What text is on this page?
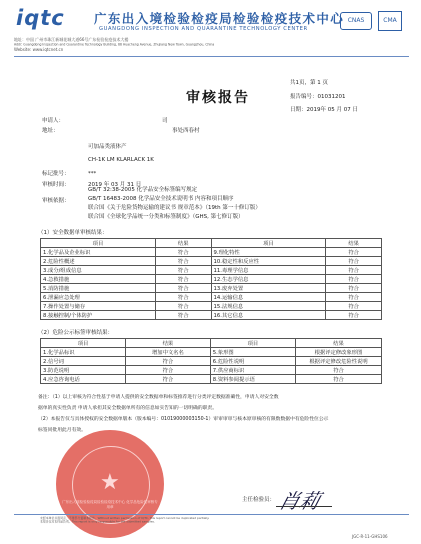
iqtc	广东出入境检验检疫局检验检疫技术中心
GUANGDONG INSPECTION AND QUARANTINE TECHNOLOGY CENTER
CNAS	CMA
地址：中国 广州市珠江新城花城大道66号广东检验检疫技术大楼
Addr: Guangdong Inspection and Quarantine Technology Building, 66 Huacheng Avenue, Zhujiang New Town, Guangzhou, China
Website: www.iqtcnet.cn
共1页，第 1 页
报告编号：01031201
日期：2019年 05 月 07 日
审核报告
申请人：	司
地址：	事处西春村
可加品类液体产
CH-1K LM KLARLACK 1K
标记批号：	***
审核时间：	2019 年 03 月 31 日
审核依据：
GB/T 32:38-2005 化学品安全标签编写规定
GB/T 16483-2008 化学品安全技术说明书 内容和项目顺序
联合国《关于危险货物运输的建议书 规章范本》（19th 第一十修订版）
联合国《全球化学品统一分类和标签制度》（GHS, 第七修订版）
（1）安全数据单审核结果：
项目	结果	项目	结果
1.化学品及企业标识	符合	9.理化特性	符合
2.危险性概述	符合	10.稳定性和反应性	符合
3.成分/组成信息	符合	11.毒理学信息	符合
4.急救措施	符合	12.生态学信息	符合
5.消防措施	符合	13.废弃处置	符合
6.泄漏应急处理	符合	14.运输信息	符合
7.操作处置与储存	符合	15.法规信息	符合
8.接触控制/个体防护	符合	16.其它信息	符合
（2）危险公示标签审核结果：
项目	结果	项目	结果
1.化学品标识	增加中文名名	5.象形图	根据评定修改象形图
2.信号词	符合	6.危险性说明	根据评定修改危险性说明
3.防范说明	符合	7.供应商标识	符合
4.应急咨询电话	符合	8.资料参阅提示语	符合
备注：（1）以上审核为符合性基于申请人提供的安全数据单和标签推荐进行分类评定数据准确性，申请人对安全数
据单的真实性负责 申请人承担其安全数据单所有的信息如实告知的一切明确的职责。
（2）本报告仅与具体授权的安全数据单版本（版本编号：01019000003150-1）审审审审与核本原审核的有限数数据中有危险性位公示
标签同批用此月有效。
★
广东出入境检验检疫局检验检疫技术中心 化学品危险性审核专用章
主任检验员： 肖莉
未经本单位书面同意，不得部分复制本报告。Without written permission of IQTC, this report cannot be duplicated partially.
本报告仅对本样品负责。This report is only responsible for the submitted samples.
JGC-R-11-GHS106
